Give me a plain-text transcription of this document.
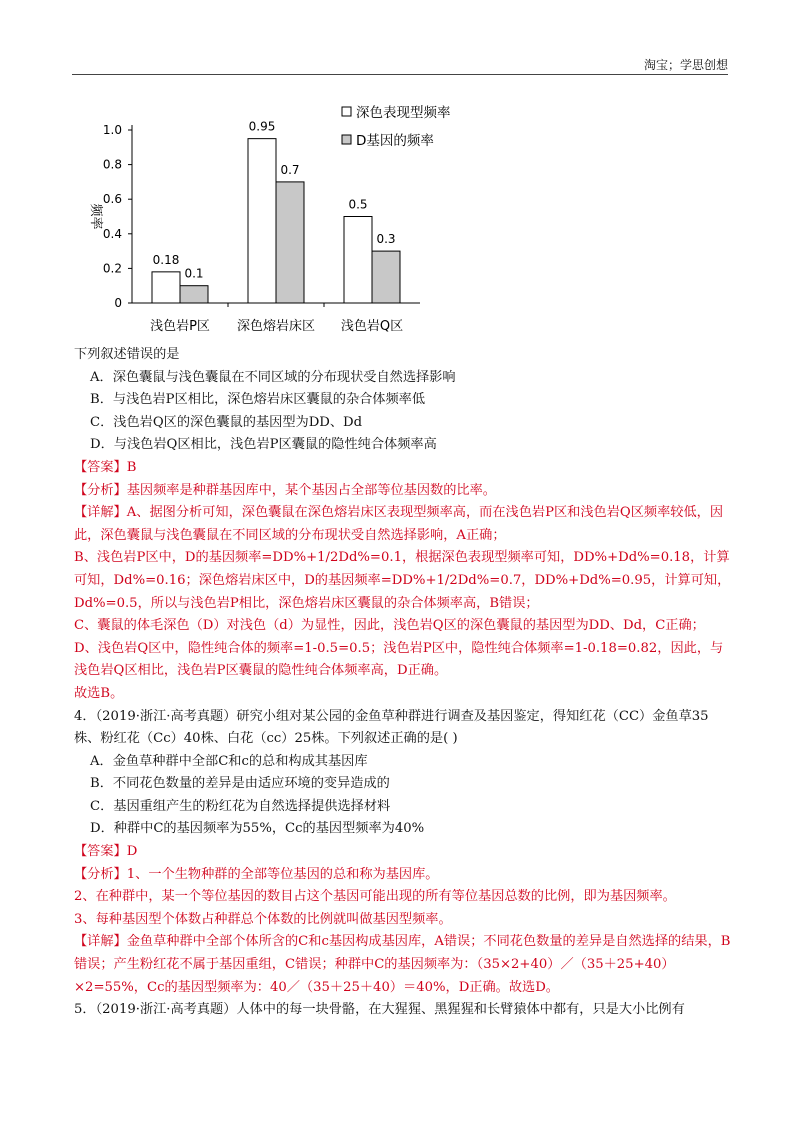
淘宝；学思创想
0
0.2
0.4
0.6
0.8
1.0
频率
0.18
0.1
浅色岩P区
0.95
0.7
深色熔岩床区
0.5
0.3
浅色岩Q区
深色表现型频率
D基因的频率

下列叙述错误的是

A．深色囊鼠与浅色囊鼠在不同区域的分布现状受自然选择影响

B．与浅色岩P区相比，深色熔岩床区囊鼠的杂合体频率低

C．浅色岩Q区的深色囊鼠的基因型为DD、Dd

D．与浅色岩Q区相比，浅色岩P区囊鼠的隐性纯合体频率高

【答案】B

【分析】基因频率是种群基因库中，某个基因占全部等位基因数的比率。

【详解】A、据图分析可知，深色囊鼠在深色熔岩床区表现型频率高，而在浅色岩P区和浅色岩Q区频率较低，因此，深色囊鼠与浅色囊鼠在不同区域的分布现状受自然选择影响，A正确；

B、浅色岩P区中，D的基因频率=DD%+1/2Dd%=0.1，根据深色表现型频率可知，DD%+Dd%=0.18，计算可知，Dd%=0.16；深色熔岩床区中，D的基因频率=DD%+1/2Dd%=0.7，DD%+Dd%=0.95，计算可知，Dd%=0.5，所以与浅色岩P相比，深色熔岩床区囊鼠的杂合体频率高，B错误；

C、囊鼠的体毛深色（D）对浅色（d）为显性，因此，浅色岩Q区的深色囊鼠的基因型为DD、Dd，C正确；

D、浅色岩Q区中，隐性纯合体的频率=1-0.5=0.5；浅色岩P区中，隐性纯合体频率=1-0.18=0.82，因此，与浅色岩Q区相比，浅色岩P区囊鼠的隐性纯合体频率高，D正确。

故选B。

4．（2019·浙江·高考真题）研究小组对某公园的金鱼草种群进行调查及基因鉴定，得知红花（CC）金鱼草35株、粉红花（Cc）40株、白花（cc）25株。下列叙述正确的是( )

A．金鱼草种群中全部C和c的总和构成其基因库

B．不同花色数量的差异是由适应环境的变异造成的

C．基因重组产生的粉红花为自然选择提供选择材料

D．种群中C的基因频率为55%，Cc的基因型频率为40%

【答案】D

【分析】1、一个生物种群的全部等位基因的总和称为基因库。

2、在种群中，某一个等位基因的数目占这个基因可能出现的所有等位基因总数的比例，即为基因频率。

3、每种基因型个体数占种群总个体数的比例就叫做基因型频率。

【详解】金鱼草种群中全部个体所含的C和c基因构成基因库，A错误；不同花色数量的差异是自然选择的结果，B错误；产生粉红花不属于基因重组，C错误；种群中C的基因频率为：（35×2+40）／（35＋25+40）×2=55%，Cc的基因型频率为：40／（35＋25＋40）＝40%，D正确。故选D。

5．（2019·浙江·高考真题）人体中的每一块骨骼，在大猩猩、黑猩猩和长臂猿体中都有，只是大小比例有
